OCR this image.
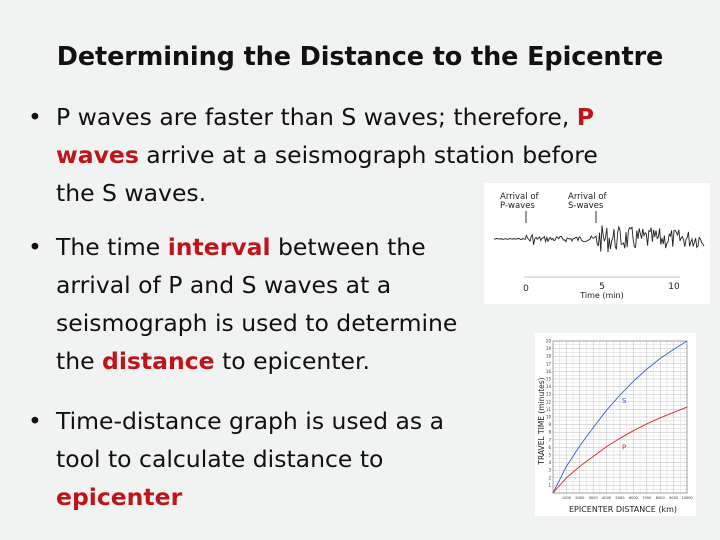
Determining the Distance to the Epicentre
• P waves are faster than S waves; therefore, P
waves arrive at a seismograph station before
the S waves.
• The time interval between the
arrival of P and S waves at a
seismograph is used to determine
the distance to epicenter.
• Time-distance graph is used as a
tool to calculate distance to
epicenter
Arrival of
P-waves
Arrival of
S-waves
0	5	10
Time (min)
1
2
3
4
5
6
7
8
9
10
11
12
13
14
15
16
17
18
19
20
1000 2000 3000 4000 5000 6000 7000 8000 9000 10000
S
P
TRAVEL TIME (minutes)
EPICENTER DISTANCE (km)
